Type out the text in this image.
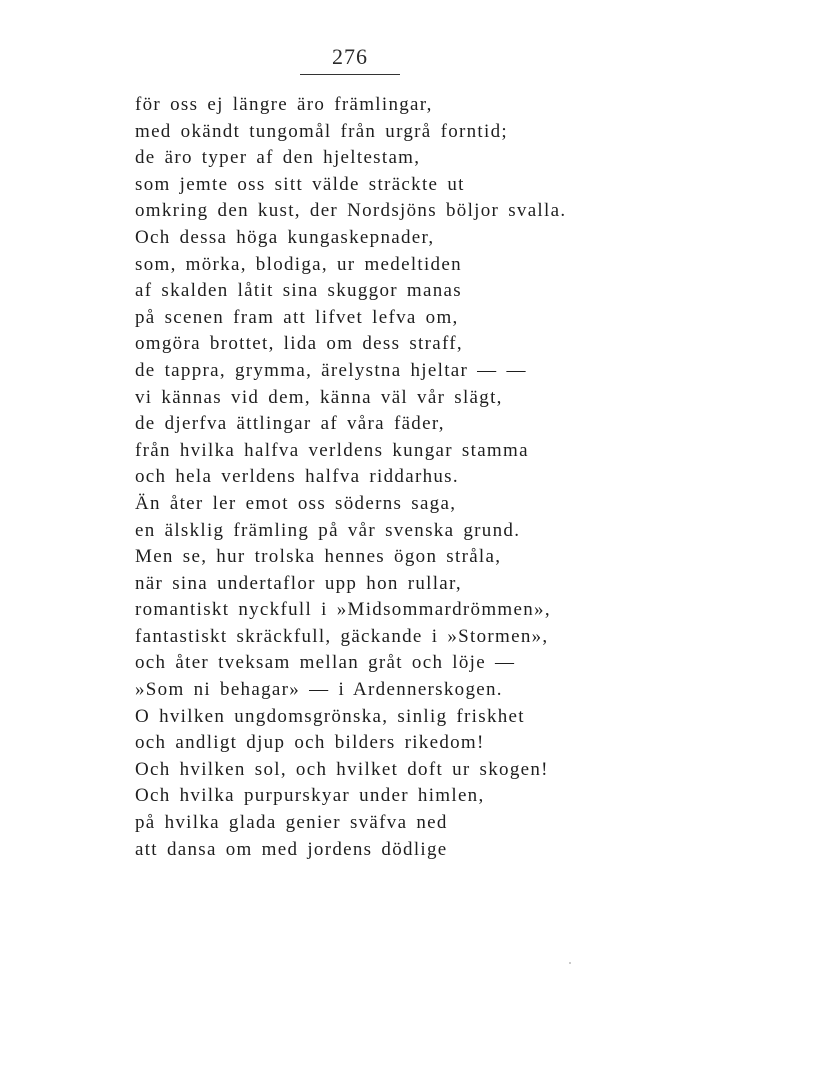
276
för oss ej längre äro främlingar,
med okändt tungomål från urgrå forntid;
de äro typer af den hjeltestam,
som jemte oss sitt välde sträckte ut
omkring den kust, der Nordsjöns böljor svalla.
Och dessa höga kungaskepnader,
som, mörka, blodiga, ur medeltiden
af skalden låtit sina skuggor manas
på scenen fram att lifvet lefva om,
omgöra brottet, lida om dess straff,
de tappra, grymma, ärelystna hjeltar — —
vi kännas vid dem, känna väl vår slägt,
de djerfva ättlingar af våra fäder,
från hvilka halfva verldens kungar stamma
och hela verldens halfva riddarhus.
Än åter ler emot oss söderns saga,
en älsklig främling på vår svenska grund.
Men se, hur trolska hennes ögon stråla,
när sina undertaflor upp hon rullar,
romantiskt nyckfull i »Midsommardrömmen»,
fantastiskt skräckfull, gäckande i »Stormen»,
och åter tveksam mellan gråt och löje —
»Som ni behagar» — i Ardennerskogen.
O hvilken ungdomsgrönska, sinlig friskhet
och andligt djup och bilders rikedom!
Och hvilken sol, och hvilket doft ur skogen!
Och hvilka purpurskyar under himlen,
på hvilka glada genier sväfva ned
att dansa om med jordens dödlige
